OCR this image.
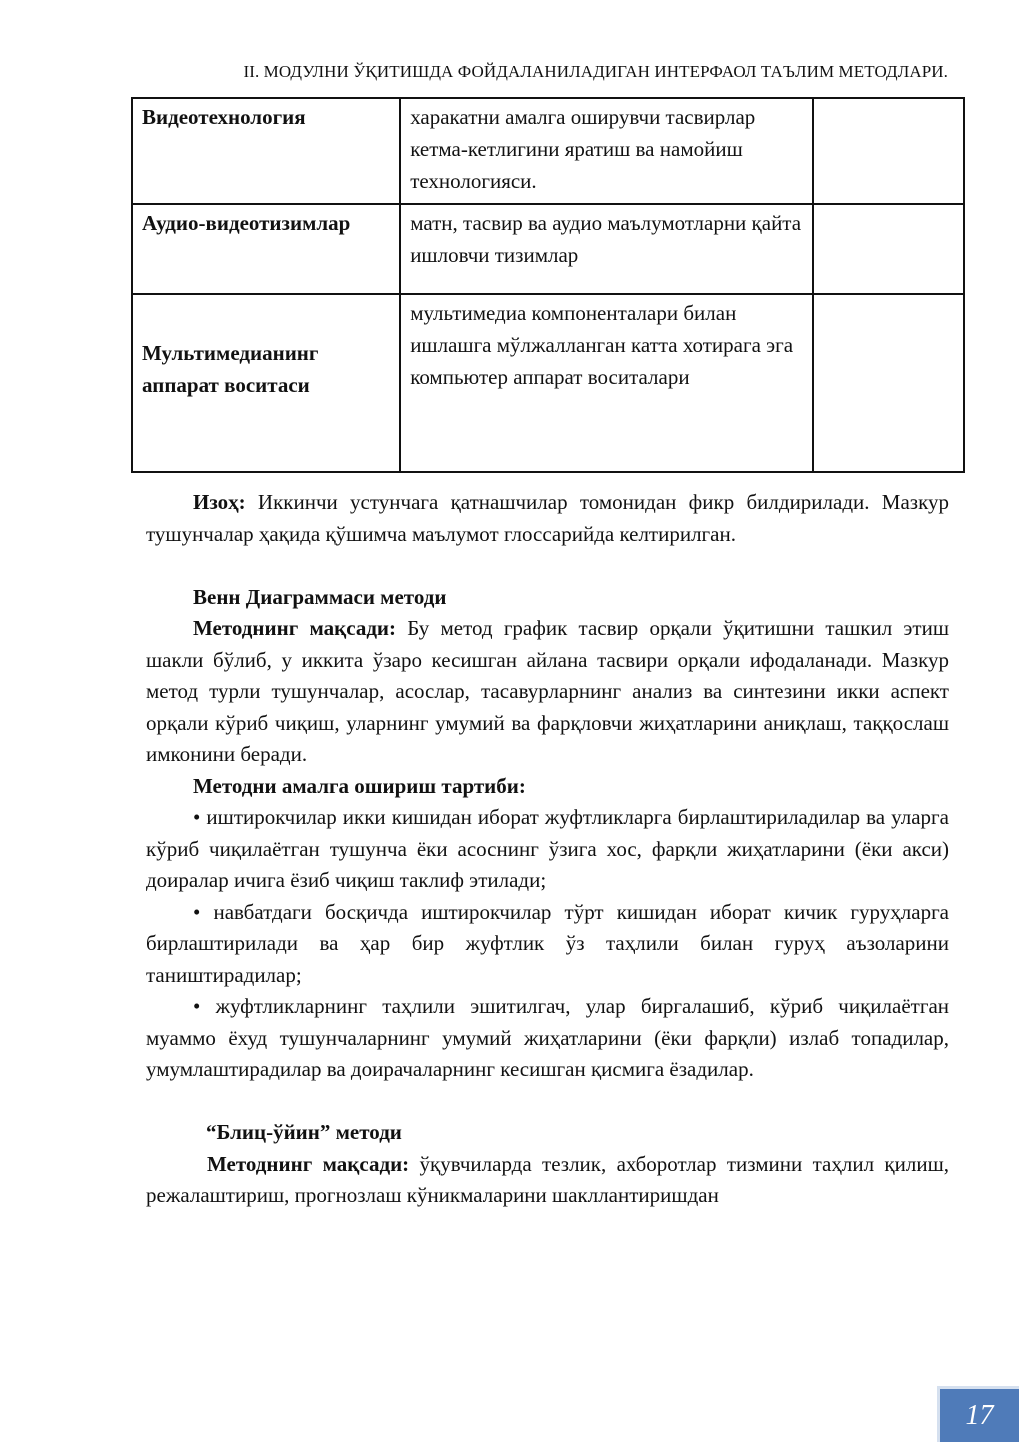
II. МОДУЛНИ ЎҚИТИШДА ФОЙДАЛАНИЛАДИГАН ИНТЕРФАОЛ ТАЪЛИМ МЕТОДЛАРИ.
Видеотехнология	харакатни амалга оширувчи тасвирлар кетма-кетлигини яратиш ва намойиш технологияси.	
Аудио-видеотизимлар	матн, тасвир ва аудио маълумотларни қайта ишловчи тизимлар	
Мультимедианинг аппарат воситаси	мультимедиа компоненталари билан ишлашга мўлжалланган катта хотирага эга компьютер аппарат воситалари	

Изоҳ: Иккинчи устунчага қатнашчилар томонидан фикр билдирилади. Мазкур тушунчалар ҳақида қўшимча маълумот глоссарийда келтирилган.

Венн Диаграммаси методи

Методнинг мақсади: Бу метод график тасвир орқали ўқитишни ташкил этиш шакли бўлиб, у иккита ўзаро кесишган айлана тасвири орқали ифодаланади. Мазкур метод турли тушунчалар, асослар, тасавурларнинг анализ ва синтезини икки аспект орқали кўриб чиқиш, уларнинг умумий ва фарқловчи жиҳатларини аниқлаш, таққослаш имконини беради.

Методни амалга ошириш тартиби:

• иштирокчилар икки кишидан иборат жуфтликларга бирлаштириладилар ва уларга кўриб чиқилаётган тушунча ёки асоснинг ўзига хос, фарқли жиҳатларини (ёки акси) доиралар ичига ёзиб чиқиш таклиф этилади;

• навбатдаги босқичда иштирокчилар тўрт кишидан иборат кичик гуруҳларга бирлаштирилади ва ҳар бир жуфтлик ўз таҳлили билан гуруҳ аъзоларини таништирадилар;

• жуфтликларнинг таҳлили эшитилгач, улар биргалашиб, кўриб чиқилаётган муаммо ёхуд тушунчаларнинг умумий жиҳатларини (ёки фарқли) излаб топадилар, умумлаштирадилар ва доирачаларнинг кесишган қисмига ёзадилар.

“Блиц-ўйин” методи

Методнинг мақсади: ўқувчиларда тезлик, ахборотлар тизмини таҳлил қилиш, режалаштириш, прогнозлаш кўникмаларини шакллантиришдан

17
